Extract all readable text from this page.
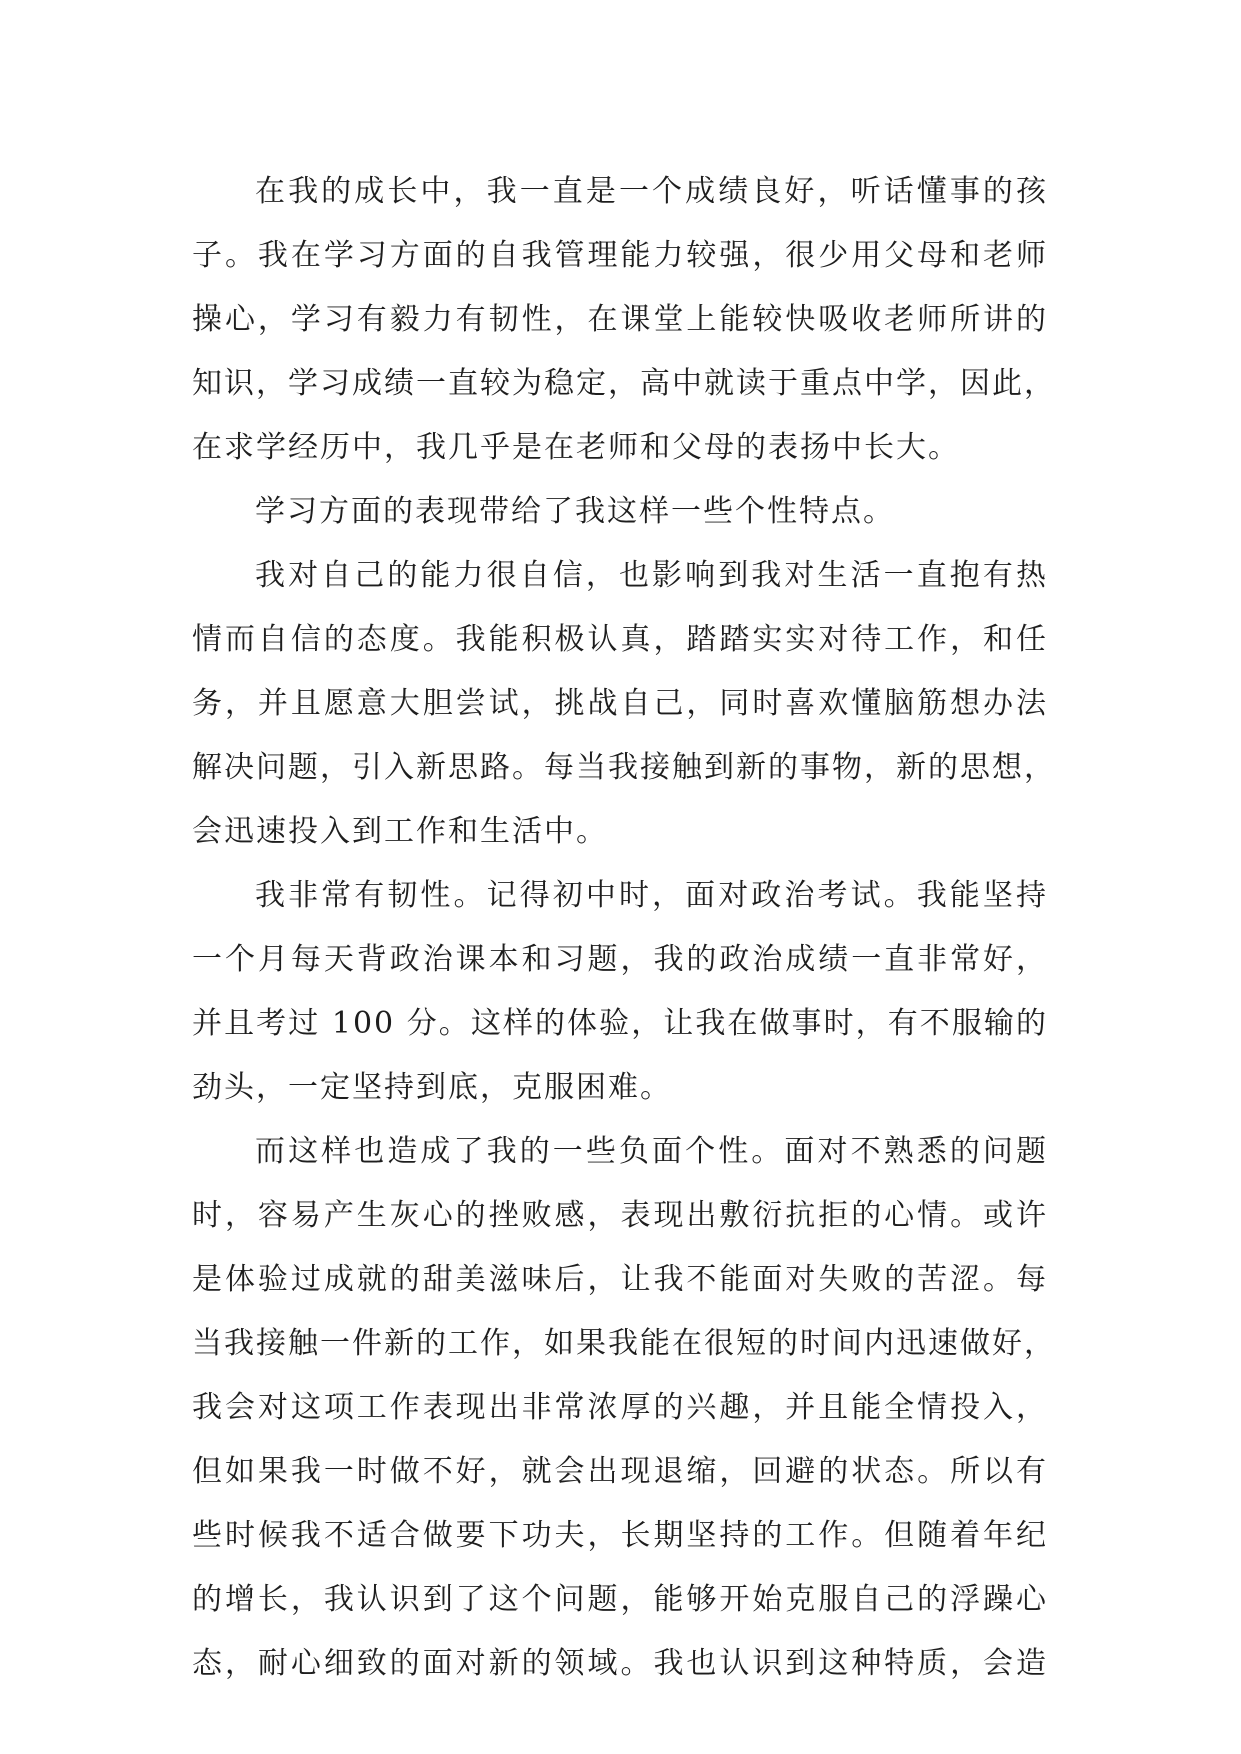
在我的成长中，我一直是一个成绩良好，听话懂事的孩
子。我在学习方面的自我管理能力较强，很少用父母和老师
操心，学习有毅力有韧性，在课堂上能较快吸收老师所讲的
知识，学习成绩一直较为稳定，高中就读于重点中学，因此，
在求学经历中，我几乎是在老师和父母的表扬中长大。
学习方面的表现带给了我这样一些个性特点。
我对自己的能力很自信，也影响到我对生活一直抱有热
情而自信的态度。我能积极认真，踏踏实实对待工作，和任
务，并且愿意大胆尝试，挑战自己，同时喜欢懂脑筋想办法
解决问题，引入新思路。每当我接触到新的事物，新的思想，
会迅速投入到工作和生活中。
我非常有韧性。记得初中时，面对政治考试。我能坚持
一个月每天背政治课本和习题，我的政治成绩一直非常好，
并且考过 100 分。这样的体验，让我在做事时，有不服输的
劲头，一定坚持到底，克服困难。
而这样也造成了我的一些负面个性。面对不熟悉的问题
时，容易产生灰心的挫败感，表现出敷衍抗拒的心情。或许
是体验过成就的甜美滋味后，让我不能面对失败的苦涩。每
当我接触一件新的工作，如果我能在很短的时间内迅速做好，
我会对这项工作表现出非常浓厚的兴趣，并且能全情投入，
但如果我一时做不好，就会出现退缩，回避的状态。所以有
些时候我不适合做要下功夫，长期坚持的工作。但随着年纪
的增长，我认识到了这个问题，能够开始克服自己的浮躁心
态，耐心细致的面对新的领域。我也认识到这种特质，会造
